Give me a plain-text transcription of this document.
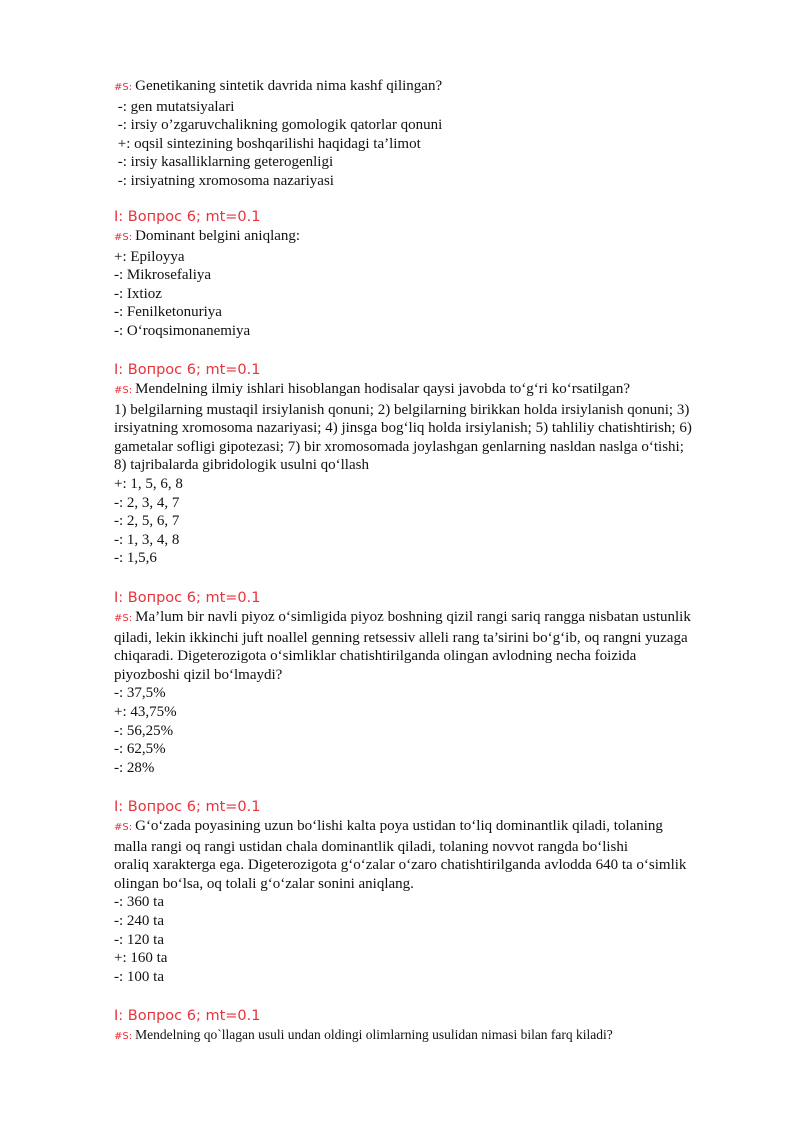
#S: Genetikaning sintetik davrida nima kashf qilingan?

-: gen mutatsiyalari

-: irsiy o’zgaruvchalikning gomologik qatorlar qonuni

+: oqsil sintezining boshqarilishi haqidagi ta’limot

-: irsiy kasalliklarning geterogenligi

-: irsiyatning xromosoma nazariyasi

I: Вопрос 6; mt=0.1

#S: Dominant belgini aniqlang:

+: Epiloyya

-: Mikrosefaliya

-: Ixtioz

-: Fenilketonuriya

-: O‘roqsimonanemiya

I: Вопрос 6; mt=0.1

#S: Mendelning ilmiy ishlari hisoblangan hodisalar qaysi javobda to‘g‘ri ko‘rsatilgan?

1) belgilarning mustaqil irsiylanish qonuni; 2) belgilarning birikkan holda irsiylanish qonuni; 3)

irsiyatning xromosoma nazariyasi; 4) jinsga bog‘liq holda irsiylanish; 5) tahliliy chatishtirish; 6)

gametalar sofligi gipotezasi; 7) bir xromosomada joylashgan genlarning nasldan naslga o‘tishi;

8) tajribalarda gibridologik usulni qo‘llash

+: 1, 5, 6, 8

-: 2, 3, 4, 7

-: 2, 5, 6, 7

-: 1, 3, 4, 8

-: 1,5,6

I: Вопрос 6; mt=0.1

#S: Ma’lum bir navli piyoz o‘simligida piyoz boshning qizil rangi sariq rangga nisbatan ustunlik

qiladi, lekin ikkinchi juft noallel genning retsessiv alleli rang ta’sirini bo‘g‘ib, oq rangni yuzaga

chiqaradi. Digeterozigota o‘simliklar chatishtirilganda olingan avlodning necha foizida

piyozboshi qizil bo‘lmaydi?

-: 37,5%

+: 43,75%

-: 56,25%

-: 62,5%

-: 28%

I: Вопрос 6; mt=0.1

#S: G‘o‘zada poyasining uzun bo‘lishi kalta poya ustidan to‘liq dominantlik qiladi, tolaning

malla rangi oq rangi ustidan chala dominantlik qiladi, tolaning novvot rangda bo‘lishi

oraliq xarakterga ega. Digeterozigota g‘o‘zalar o‘zaro chatishtirilganda avlodda 640 ta o‘simlik

olingan bo‘lsa, oq tolali g‘o‘zalar sonini aniqlang.

-: 360 ta

-: 240 ta

-: 120 ta

+: 160 ta

-: 100 ta

I: Вопрос 6; mt=0.1

#S: Mendelning qo`llagan usuli undan oldingi olimlarning usulidan nimasi bilan farq kiladi?
